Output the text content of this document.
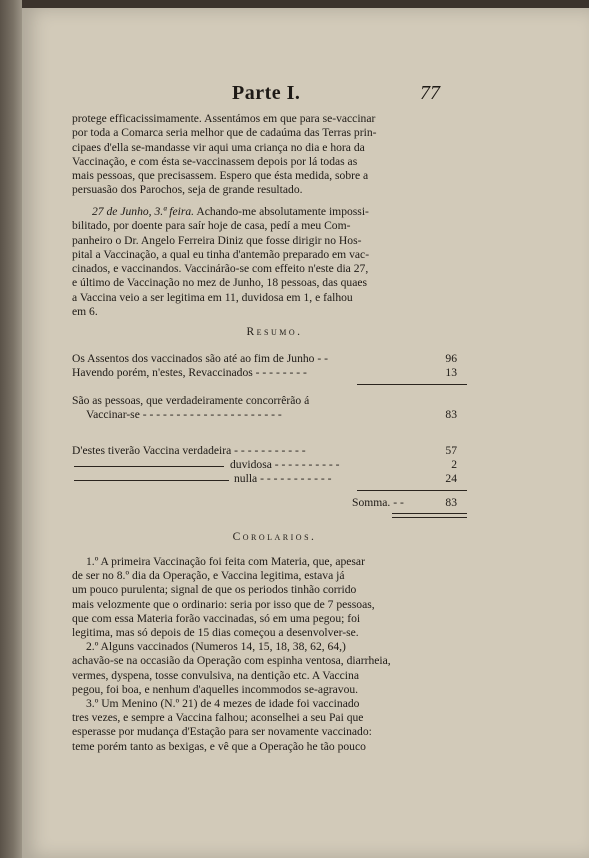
Parte I.	77
protege efficacissimamente. Assentámos em que para se-vaccinar
por toda a Comarca seria melhor que de cadaúma das Terras prin-
cipaes d'ella se-mandasse vir aqui uma criança no dia e hora da
Vaccinação, e com ésta se-vaccinassem depois por lá todas as
mais pessoas, que precisassem. Espero que ésta medida, sobre a
persuasão dos Parochos, seja de grande resultado.
27 de Junho, 3.ª feira. Achando-me absolutamente impossi-
bilitado, por doente para saír hoje de casa, pedí a meu Com-
panheiro o Dr. Angelo Ferreira Diniz que fosse dirigir no Hos-
pital a Vaccinação, a qual eu tinha d'antemão preparado em vac-
cinados, e vaccinandos. Vaccinárão-se com effeito n'este dia 27,
e último de Vaccinação no mez de Junho, 18 pessoas, das quaes
a Vaccina veio a ser legitima em 11, duvidosa em 1, e falhou
em 6.
Resumo.
Os Assentos dos vaccinados são até ao fim de Junho - -	96
Havendo porém, n'estes, Revaccinados - - - - - - - -	13
São as pessoas, que verdadeiramente concorrêrão á
Vaccinar-se - - - - - - - - - - - - - - - - - - - - -	83
D'estes tiverão Vaccina verdadeira - - - - - - - - - - -	57
duvidosa - - - - - - - - - -	2
nulla - - - - - - - - - - -	24
Somma. - -	83
Corolarios.
1.º A primeira Vaccinação foi feita com Materia, que, apesar
de ser no 8.º dia da Operação, e Vaccina legitima, estava já
um pouco purulenta; signal de que os periodos tinhão corrido
mais velozmente que o ordinario: seria por isso que de 7 pessoas,
que com essa Materia forão vaccinadas, só em uma pegou; foi
legitima, mas só depois de 15 dias começou a desenvolver-se.
2.º Alguns vaccinados (Numeros 14, 15, 18, 38, 62, 64,)
achavão-se na occasião da Operação com espinha ventosa, diarrheia,
vermes, dyspena, tosse convulsiva, na dentição etc. A Vaccina
pegou, foi boa, e nenhum d'aquelles incommodos se-agravou.
3.º Um Menino (N.º 21) de 4 mezes de idade foi vaccinado
tres vezes, e sempre a Vaccina falhou; aconselhei a seu Pai que
esperasse por mudança d'Estação para ser novamente vaccinado:
teme porém tanto as bexigas, e vê que a Operação he tão pouco
